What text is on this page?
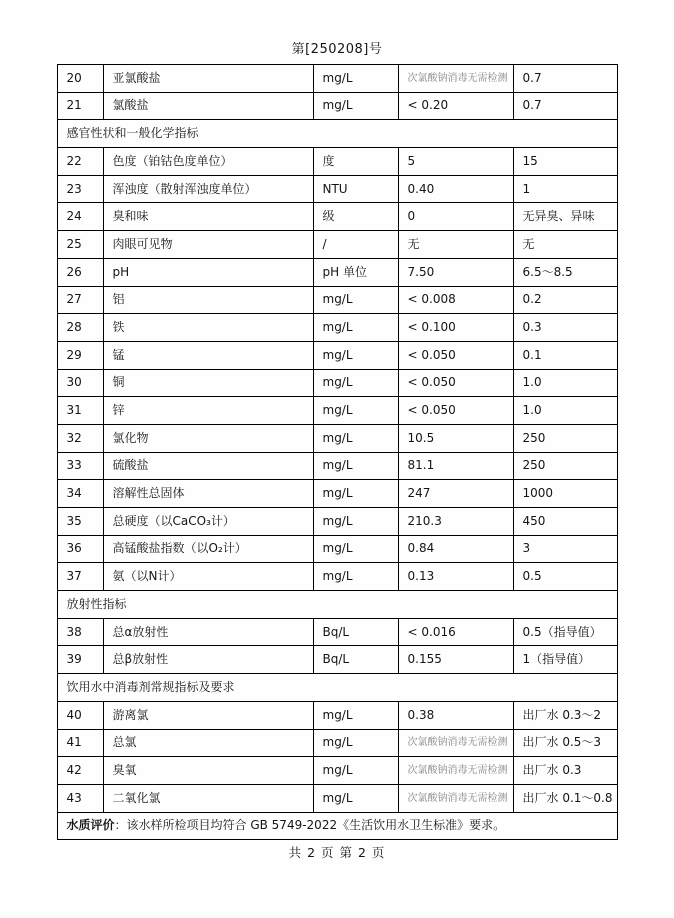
第[250208]号
20	亚氯酸盐	mg/L	次氯酸钠消毒无需检测	0.7
21	氯酸盐	mg/L	< 0.20	0.7
感官性状和一般化学指标				
22	色度（铂钴色度单位）	度	5	15
23	浑浊度（散射浑浊度单位）	NTU	0.40	1
24	臭和味	级	0	无异臭、异味
25	肉眼可见物	/	无	无
26	pH	pH 单位	7.50	6.5～8.5
27	铝	mg/L	< 0.008	0.2
28	铁	mg/L	< 0.100	0.3
29	锰	mg/L	< 0.050	0.1
30	铜	mg/L	< 0.050	1.0
31	锌	mg/L	< 0.050	1.0
32	氯化物	mg/L	10.5	250
33	硫酸盐	mg/L	81.1	250
34	溶解性总固体	mg/L	247	1000
35	总硬度（以CaCO₃计）	mg/L	210.3	450
36	高锰酸盐指数（以O₂计）	mg/L	0.84	3
37	氨（以N计）	mg/L	0.13	0.5
放射性指标				
38	总α放射性	Bq/L	< 0.016	0.5（指导值）
39	总β放射性	Bq/L	0.155	1（指导值）
饮用水中消毒剂常规指标及要求				
40	游离氯	mg/L	0.38	出厂水 0.3～2
41	总氯	mg/L	次氯酸钠消毒无需检测	出厂水 0.5～3
42	臭氧	mg/L	次氯酸钠消毒无需检测	出厂水 0.3
43	二氧化氯	mg/L	次氯酸钠消毒无需检测	出厂水 0.1～0.8
水质评价：该水样所检项目均符合 GB 5749-2022《生活饮用水卫生标准》要求。				
共 2 页 第 2 页
